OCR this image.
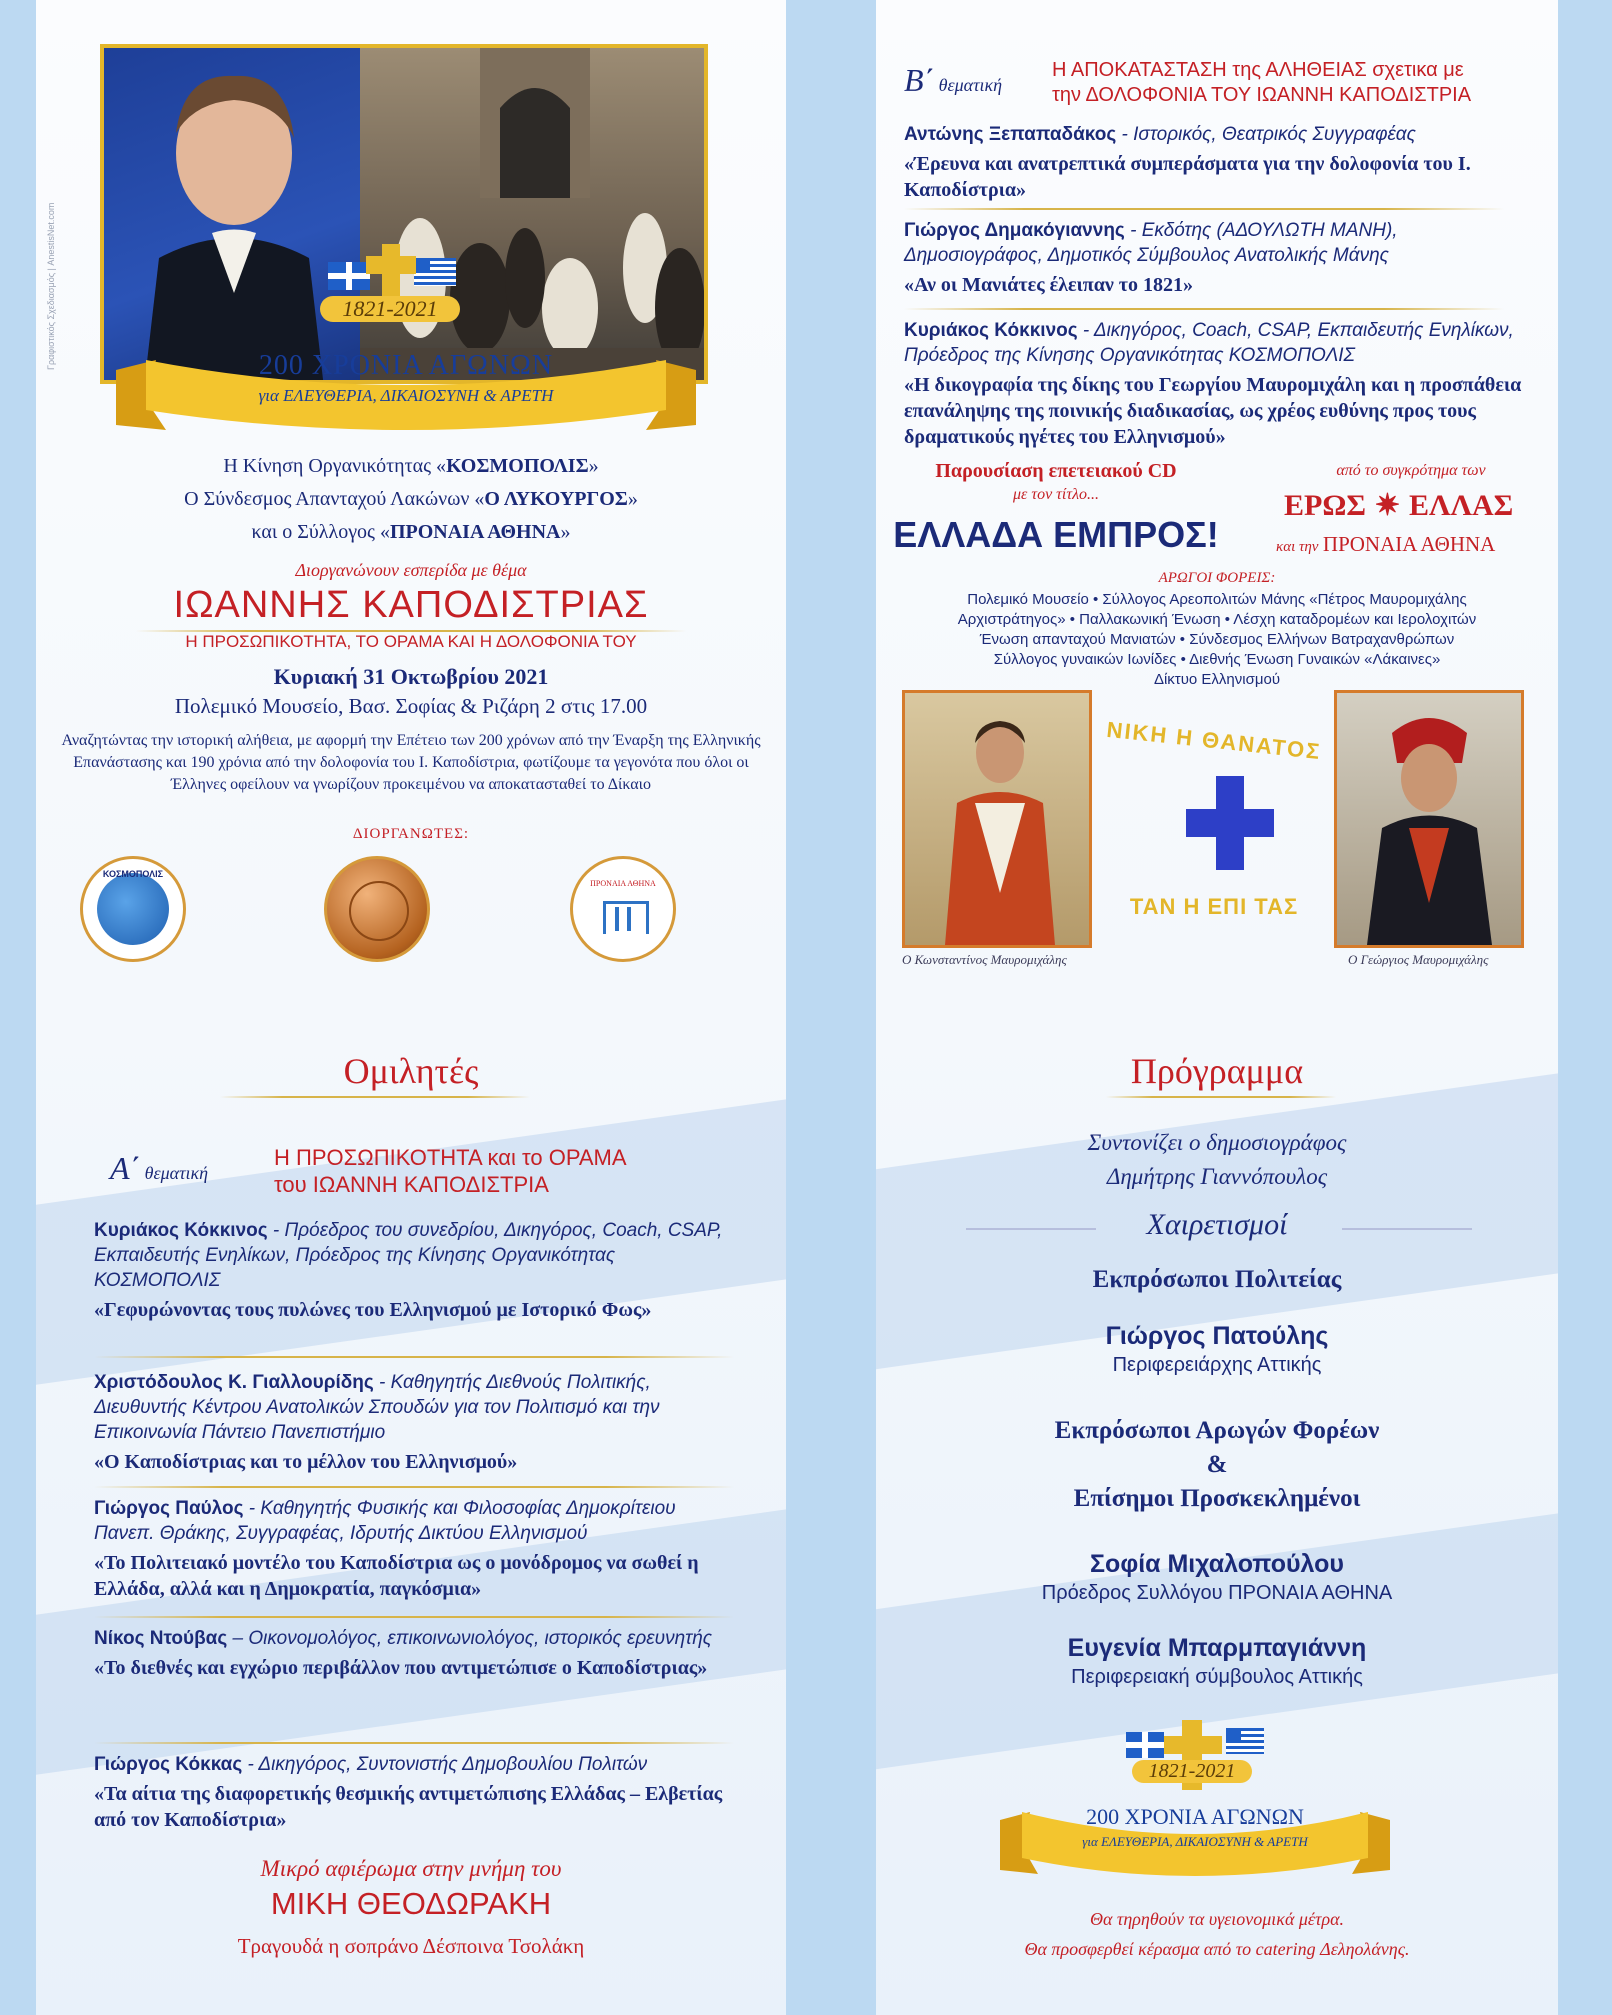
Γραφιστικός Σχεδιασμός | AnestisNet.com	1821-2021
200 ΧΡΟΝΙΑ ΑΓΩΝΩΝ
για ΕΛΕΥΘΕΡΙΑ, ΔΙΚΑΙΟΣΥΝΗ & ΑΡΕΤΗ
Η Κίνηση Οργανικότητας «ΚΟΣΜΟΠΟΛΙΣ»
Ο Σύνδεσμος Απανταχού Λακώνων «Ο ΛΥΚΟΥΡΓΟΣ»
και ο Σύλλογος «ΠΡΟΝΑΙΑ ΑΘΗΝΑ»
Διοργανώνουν εσπερίδα με θέμα
ΙΩΑΝΝΗΣ ΚΑΠΟΔΙΣΤΡΙΑΣ
Η ΠΡΟΣΩΠΙΚΟΤΗΤΑ, ΤΟ ΟΡΑΜΑ ΚΑΙ Η ΔΟΛΟΦΟΝΙΑ ΤΟΥ
Κυριακή 31 Οκτωβρίου 2021
Πολεμικό Μουσείο, Βασ. Σοφίας & Ριζάρη 2 στις 17.00
Αναζητώντας την ιστορική αλήθεια, με αφορμή την Επέτειο των 200 χρόνων από την Έναρξη της Ελληνικής Επανάστασης και 190 χρόνια από την δολοφονία του Ι. Καποδίστρια, φωτίζουμε τα γεγονότα που όλοι οι Έλληνες οφείλουν να γνωρίζουν προκειμένου να αποκατασταθεί το Δίκαιο
ΔΙΟΡΓΑΝΩΤΕΣ:
ΚΟΣΜΟΠΟΛΙΣ
ΠΡΟΝΑΙΑ ΑΘΗΝΑ
Ομιλητές
Α΄ θεματική
Η ΠΡΟΣΩΠΙΚΟΤΗΤΑ και το ΟΡΑΜΑ
του ΙΩΑΝΝΗ ΚΑΠΟΔΙΣΤΡΙΑ
Κυριάκος Κόκκινος - Πρόεδρος του συνεδρίου, Δικηγόρος, Coach, CSAP, Εκπαιδευτής Ενηλίκων, Πρόεδρος της Κίνησης Οργανικότητας ΚΟΣΜΟΠΟΛΙΣ
«Γεφυρώνοντας τους πυλώνες του Ελληνισμού με Ιστορικό Φως»
Χριστόδουλος Κ. Γιαλλουρίδης - Καθηγητής Διεθνούς Πολιτικής, Διευθυντής Κέντρου Ανατολικών Σπουδών για τον Πολιτισμό και την Επικοινωνία Πάντειο Πανεπιστήμιο
«Ο Καποδίστριας και το μέλλον του Ελληνισμού»
Γιώργος Παύλος - Καθηγητής Φυσικής και Φιλοσοφίας Δημοκρίτειου Πανεπ. Θράκης, Συγγραφέας, Ιδρυτής Δικτύου Ελληνισμού
«Το Πολιτειακό μοντέλο του Καποδίστρια ως ο μονόδρομος να σωθεί η Ελλάδα, αλλά και η Δημοκρατία, παγκόσμια»
Νίκος Ντούβας – Οικονομολόγος, επικοινωνιολόγος, ιστορικός ερευνητής
«Το διεθνές και εγχώριο περιβάλλον που αντιμετώπισε ο Καποδίστριας»
Γιώργος Κόκκας - Δικηγόρος, Συντονιστής Δημοβουλίου Πολιτών
«Τα αίτια της διαφορετικής θεσμικής αντιμετώπισης Ελλάδας – Ελβετίας από τον Καποδίστρια»
Μικρό αφιέρωμα στην μνήμη του
ΜΙΚΗ ΘΕΟΔΩΡΑΚΗ
Τραγουδά η σοπράνο Δέσποινα Τσολάκη
Β΄ θεματική
Η ΑΠΟΚΑΤΑΣΤΑΣΗ της ΑΛΗΘΕΙΑΣ σχετικα με
την ΔΟΛΟΦΟΝΙΑ ΤΟΥ ΙΩΑΝΝΗ ΚΑΠΟΔΙΣΤΡΙΑ
Αντώνης Ξεπαπαδάκος - Ιστορικός, Θεατρικός Συγγραφέας
«Έρευνα και ανατρεπτικά συμπεράσματα για την δολοφονία του Ι. Καποδίστρια»
Γιώργος Δημακόγιαννης - Εκδότης (ΑΔΟΥΛΩΤΗ ΜΑΝΗ), Δημοσιογράφος, Δημοτικός Σύμβουλος Ανατολικής Μάνης
«Αν οι Μανιάτες έλειπαν το 1821»
Κυριάκος Κόκκινος - Δικηγόρος, Coach, CSAP, Εκπαιδευτής Ενηλίκων, Πρόεδρος της Κίνησης Οργανικότητας ΚΟΣΜΟΠΟΛΙΣ
«Η δικογραφία της δίκης του Γεωργίου Μαυρομιχάλη και η προσπάθεια επανάληψης της ποινικής διαδικασίας, ως χρέος ευθύνης προς τους δραματικούς ηγέτες του Ελληνισμού»
Παρουσίαση επετειακού CD
με τον τίτλο...
ΕΛΛΑΔΑ ΕΜΠΡΟΣ!
από το συγκρότημα των
ΕΡΩΣ ✷ ΕΛΛΑΣ
και την ΠΡΟΝΑΙΑ ΑΘΗΝΑ
ΑΡΩΓΟΙ ΦΟΡΕΙΣ:
Πολεμικό Μουσείο • Σύλλογος Αρεοπολιτών Μάνης «Πέτρος Μαυρομιχάλης
Αρχιστράτηγος» • Παλλακωνική Ένωση • Λέσχη καταδρομέων και Ιερολοχιτών
Ένωση απανταχού Μανιατών • Σύνδεσμος Ελλήνων Βατραχανθρώπων
Σύλλογος γυναικών Ιωνίδες • Διεθνής Ένωση Γυναικών «Λάκαινες»
Δίκτυο Ελληνισμού
Ο Κωνσταντίνος Μαυρομιχάλης	Ο Γεώργιος Μαυρομιχάλης
ΝΙΚΗ Η ΘΑΝΑΤΟΣ
ΤΑΝ Η ΕΠΙ ΤΑΣ
Πρόγραμμα
Συντονίζει ο δημοσιογράφος
Δημήτρης Γιαννόπουλος
Χαιρετισμοί
Εκπρόσωποι Πολιτείας
Γιώργος Πατούλης
Περιφερειάρχης Αττικής
Εκπρόσωποι Αρωγών Φορέων
&
Επίσημοι Προσκεκλημένοι
Σοφία Μιχαλοπούλου
Πρόεδρος Συλλόγου ΠΡΟΝΑΙΑ ΑΘΗΝΑ
Ευγενία Μπαρμπαγιάννη
Περιφερειακή σύμβουλος Αττικής
1821-2021
200 ΧΡΟΝΙΑ ΑΓΩΝΩΝ
για ΕΛΕΥΘΕΡΙΑ, ΔΙΚΑΙΟΣΥΝΗ & ΑΡΕΤΗ
Θα τηρηθούν τα υγειονομικά μέτρα.
Θα προσφερθεί κέρασμα από το catering Δεληολάνης.
